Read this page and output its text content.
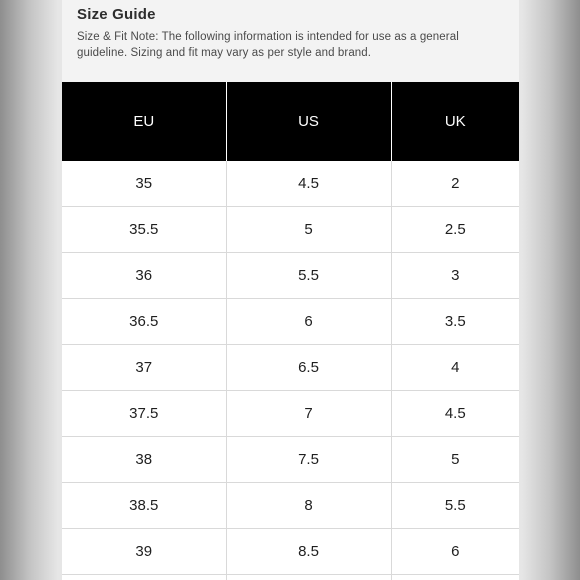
Size Guide
Size & Fit Note: The following information is intended for use as a general guideline. Sizing and fit may vary as per style and brand.
EU	US	UK
35	4.5	2
35.5	5	2.5
36	5.5	3
36.5	6	3.5
37	6.5	4
37.5	7	4.5
38	7.5	5
38.5	8	5.5
39	8.5	6
